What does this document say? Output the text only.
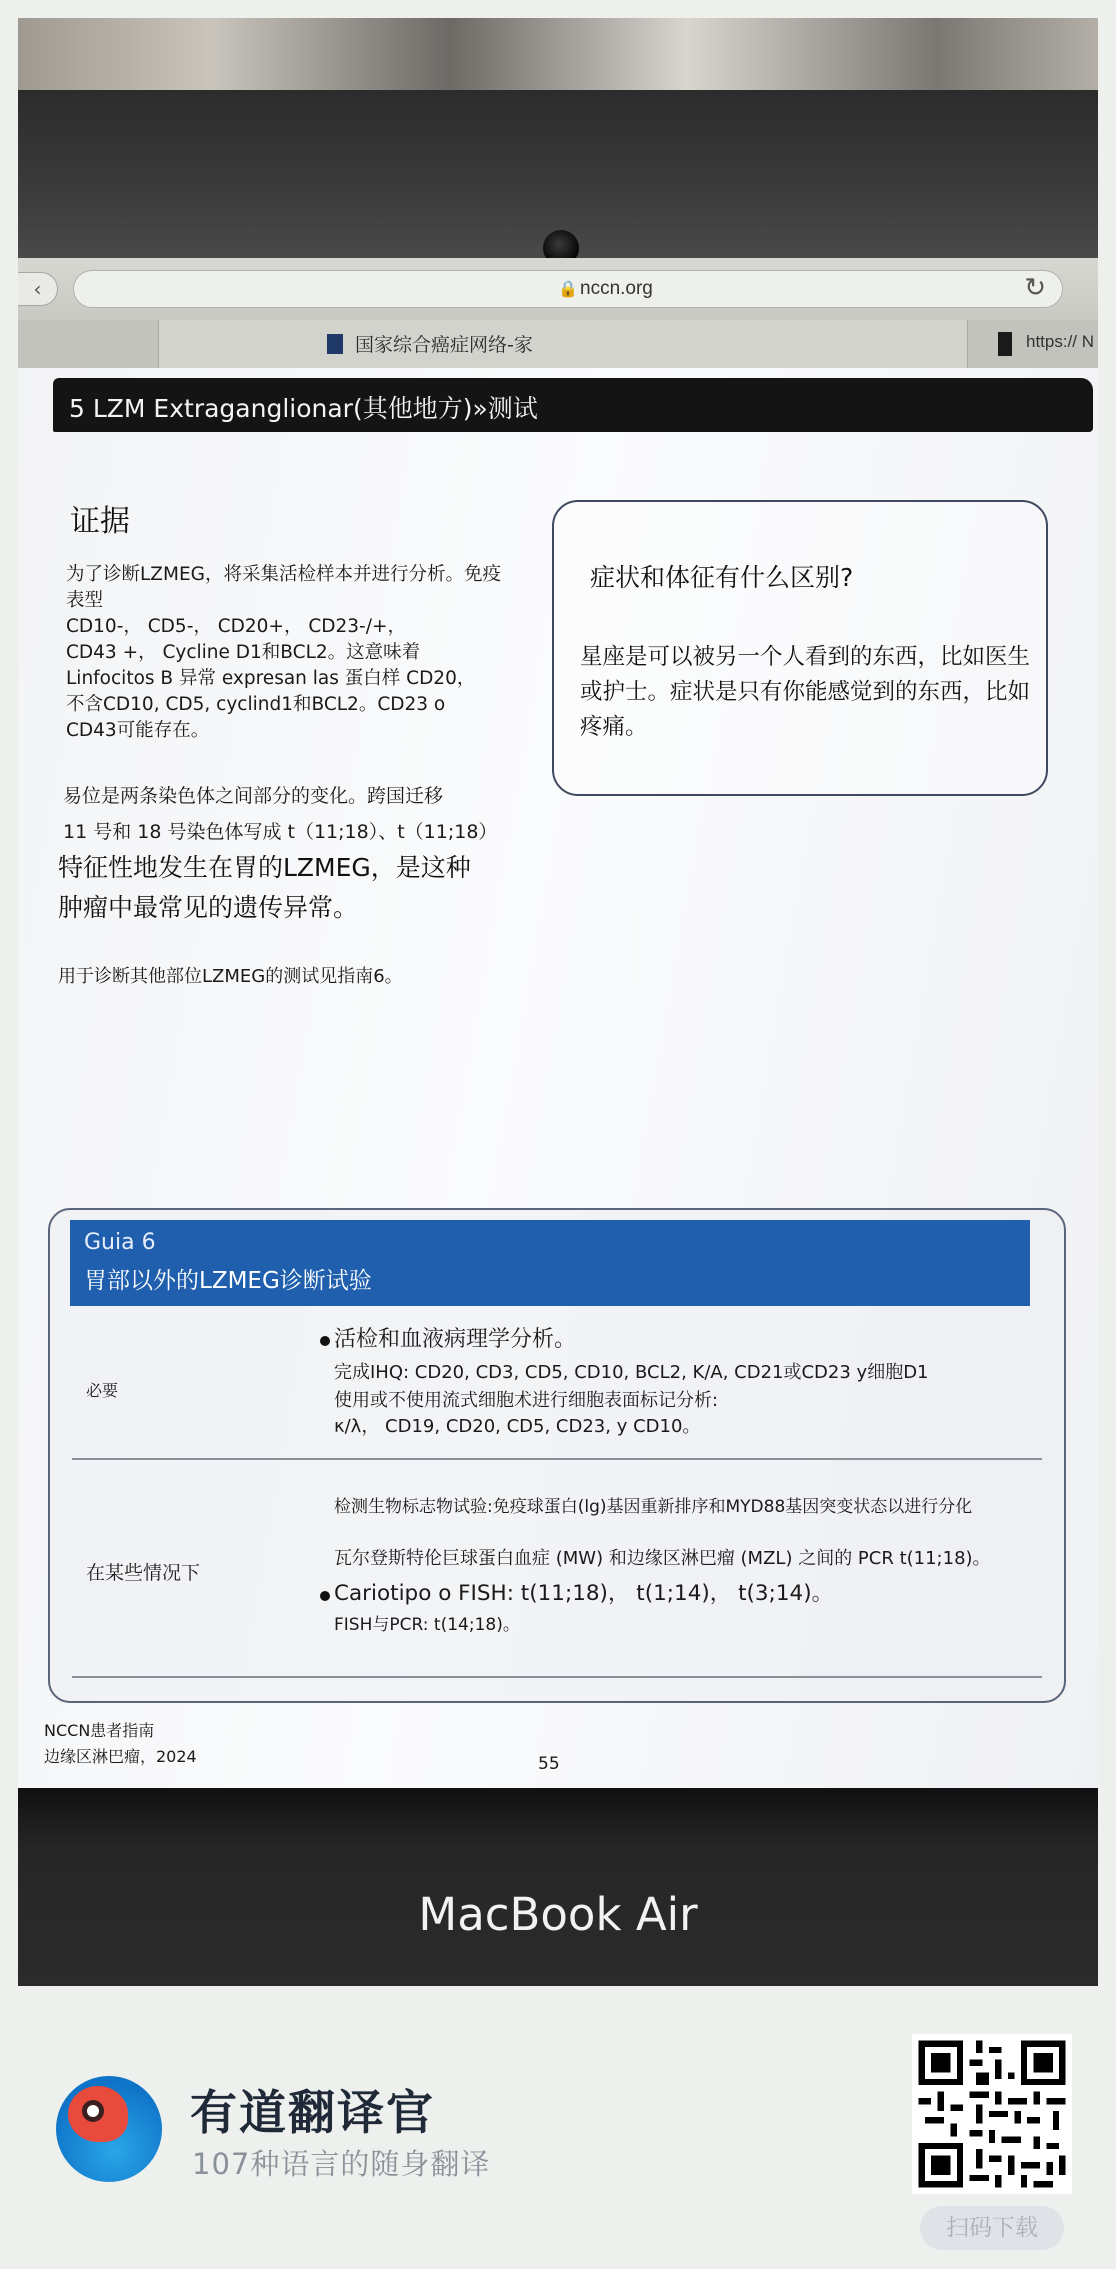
‹	🔒 nccn.org	↻
国家综合癌症网络-家	https:// N
5 LZM Extraganglionar(其他地方)»测试
证据
为了诊断LZMEG，将采集活检样本并进行分析。免疫表型
CD10-， CD5-， CD20+， CD23-/+，
CD43 +， Cycline D1和BCL2。这意味着
Linfocitos B 异常 expresan las 蛋白样 CD20，
不含CD10, CD5, cyclind1和BCL2。CD23 o
CD43可能存在。
易位是两条染色体之间部分的变化。跨国迁移
11 号和 18 号染色体写成 t（11;18）、t（11;18）
特征性地发生在胃的LZMEG，是这种
肿瘤中最常见的遗传异常。
用于诊断其他部位LZMEG的测试见指南6。
症状和体征有什么区别?
星座是可以被另一个人看到的东西，比如医生或护士。症状是只有你能感觉到的东西，比如疼痛。
Guia 6
胃部以外的LZMEG诊断试验
必要
活检和血液病理学分析。
完成IHQ: CD20, CD3, CD5, CD10, BCL2, K/A, CD21或CD23 y细胞D1
使用或不使用流式细胞术进行细胞表面标记分析:
κ/λ， CD19, CD20, CD5, CD23, y CD10。
在某些情况下
检测生物标志物试验:免疫球蛋白(lg)基因重新排序和MYD88基因突变状态以进行分化
瓦尔登斯特伦巨球蛋白血症 (MW) 和边缘区淋巴瘤 (MZL) 之间的 PCR t(11;18)。
Cariotipo o FISH: t(11;18)， t(1;14)， t(3;14)。
FISH与PCR: t(14;18)。
NCCN患者指南
边缘区淋巴瘤，2024	55
MacBook Air
有道翻译官
107种语言的随身翻译
扫码下载
